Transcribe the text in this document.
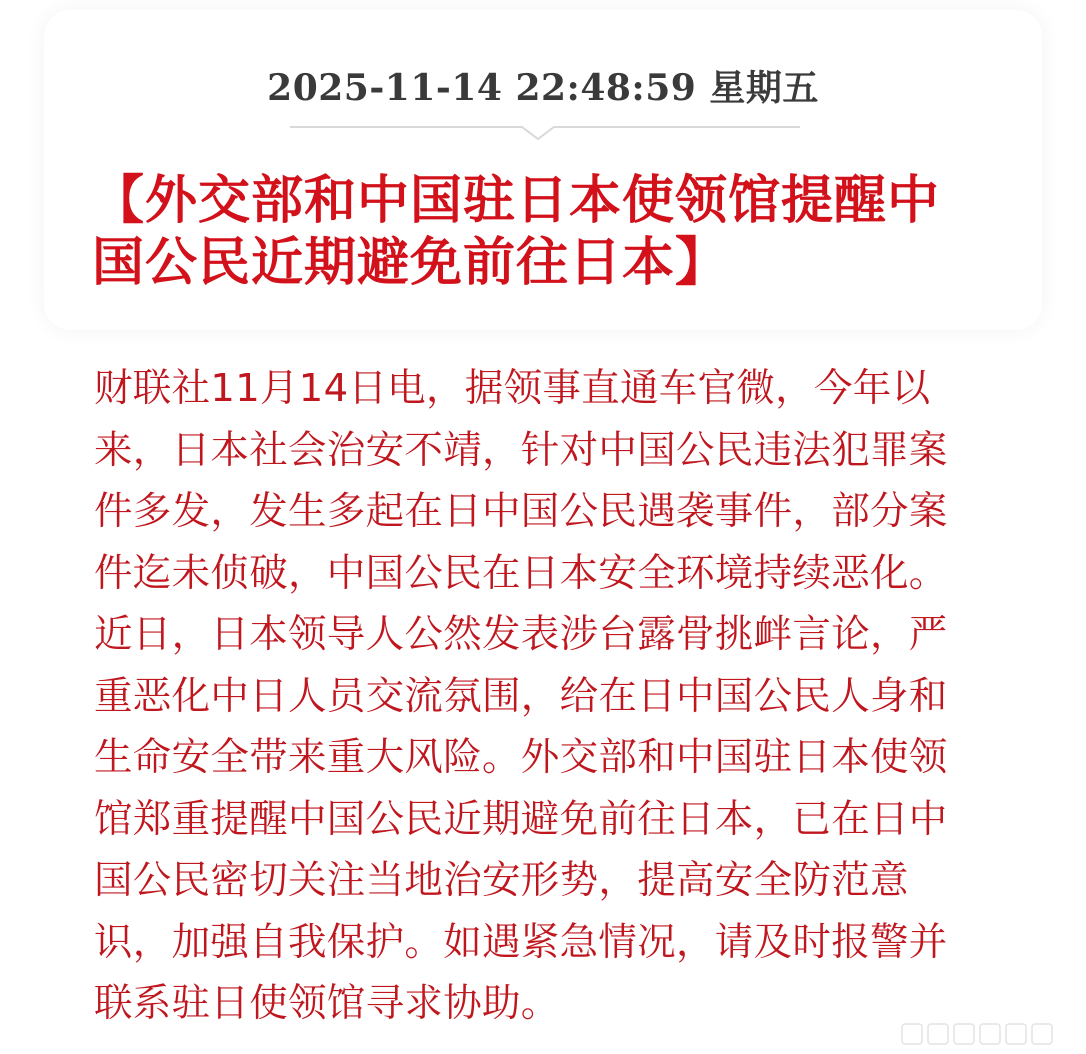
2025-11-14 22:48:59 星期五
【外交部和中国驻日本使领馆提醒中国公民近期避免前往日本】

财联社11月14日电，据领事直通车官微，今年以来，日本社会治安不靖，针对中国公民违法犯罪案件多发，发生多起在日中国公民遇袭事件，部分案件迄未侦破，中国公民在日本安全环境持续恶化。近日，日本领导人公然发表涉台露骨挑衅言论，严重恶化中日人员交流氛围，给在日中国公民人身和生命安全带来重大风险。外交部和中国驻日本使领馆郑重提醒中国公民近期避免前往日本，已在日中国公民密切关注当地治安形势，提高安全防范意识，加强自我保护。如遇紧急情况，请及时报警并联系驻日使领馆寻求协助。
